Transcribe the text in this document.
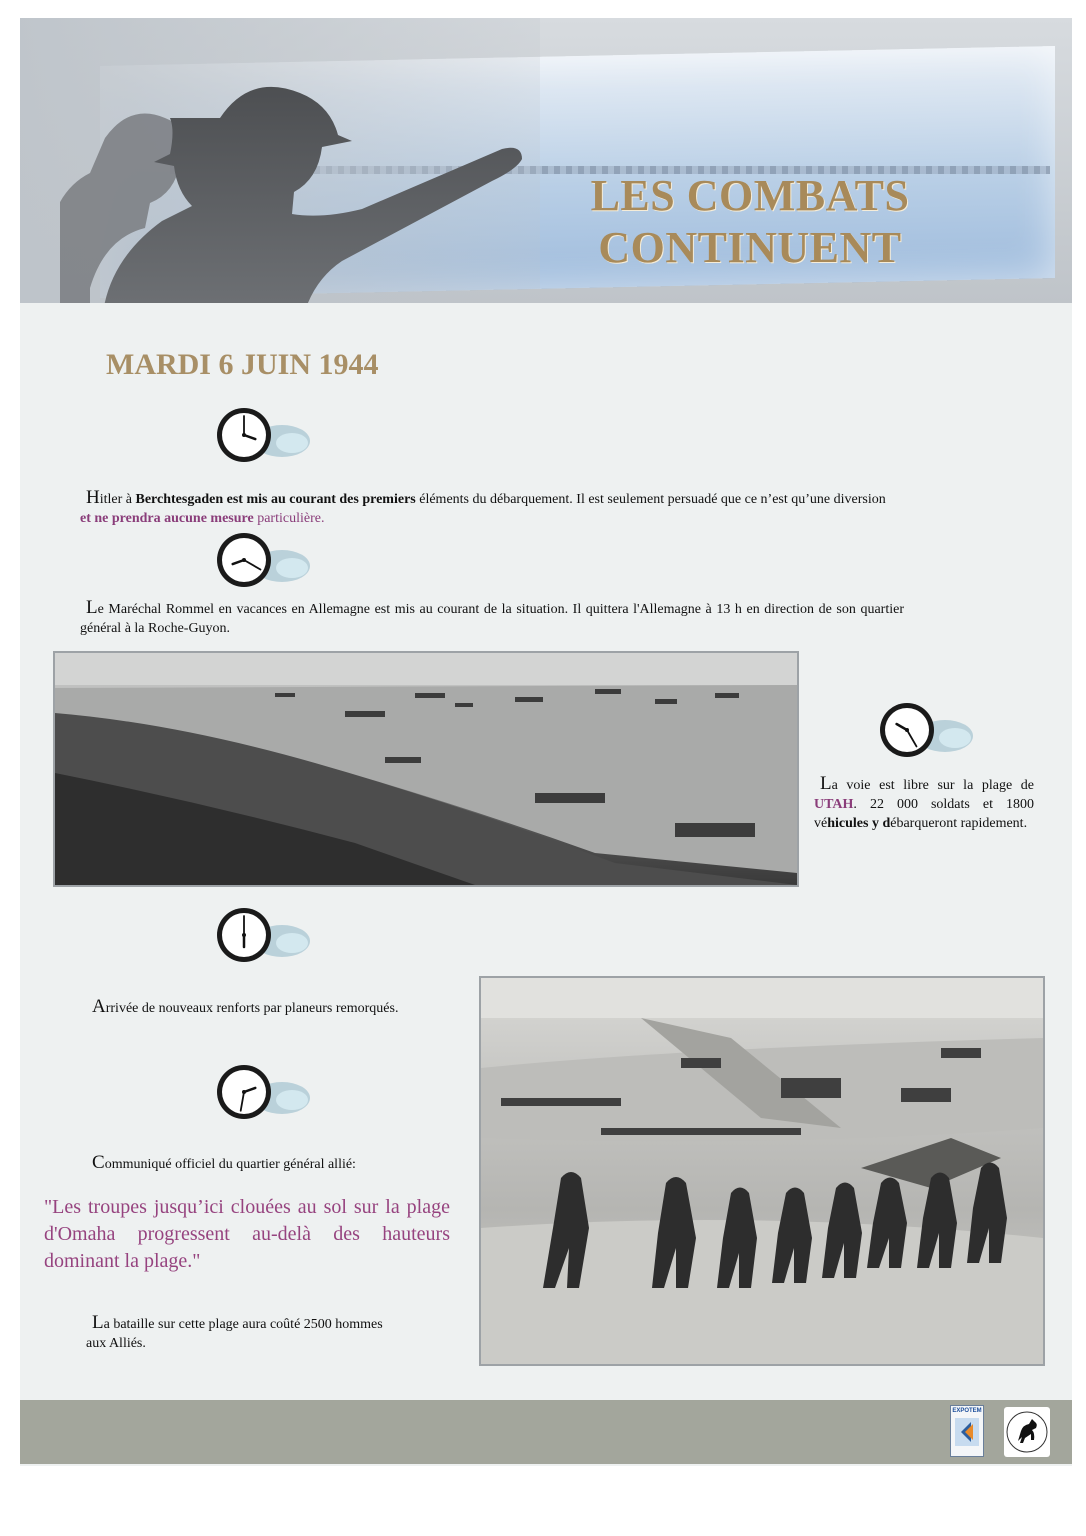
LES COMBATS
CONTINUENT
MARDI 6 JUIN 1944
Hitler à Berchtesgaden est mis au courant des premiers éléments du débarquement. Il est seulement persuadé que ce n’est qu’une diversion
et ne prendra aucune mesure particulière.
Le Maréchal Rommel en vacances en Allemagne est mis au courant de la situation. Il quittera l'Allemagne à 13 h en direction de son quartier général à la Roche-Guyon.
La voie est libre sur la plage de UTAH. 22 000 soldats et 1800 véhicules y débarqueront rapidement.
Arrivée de nouveaux renforts par planeurs remorqués.
Communiqué officiel du quartier général allié:
"Les troupes jusqu’ici clouées au sol sur la plage d'Omaha progressent au-delà des hauteurs dominant la plage."
La bataille sur cette plage aura coûté 2500 hommes aux Alliés.
EXPOTEM
